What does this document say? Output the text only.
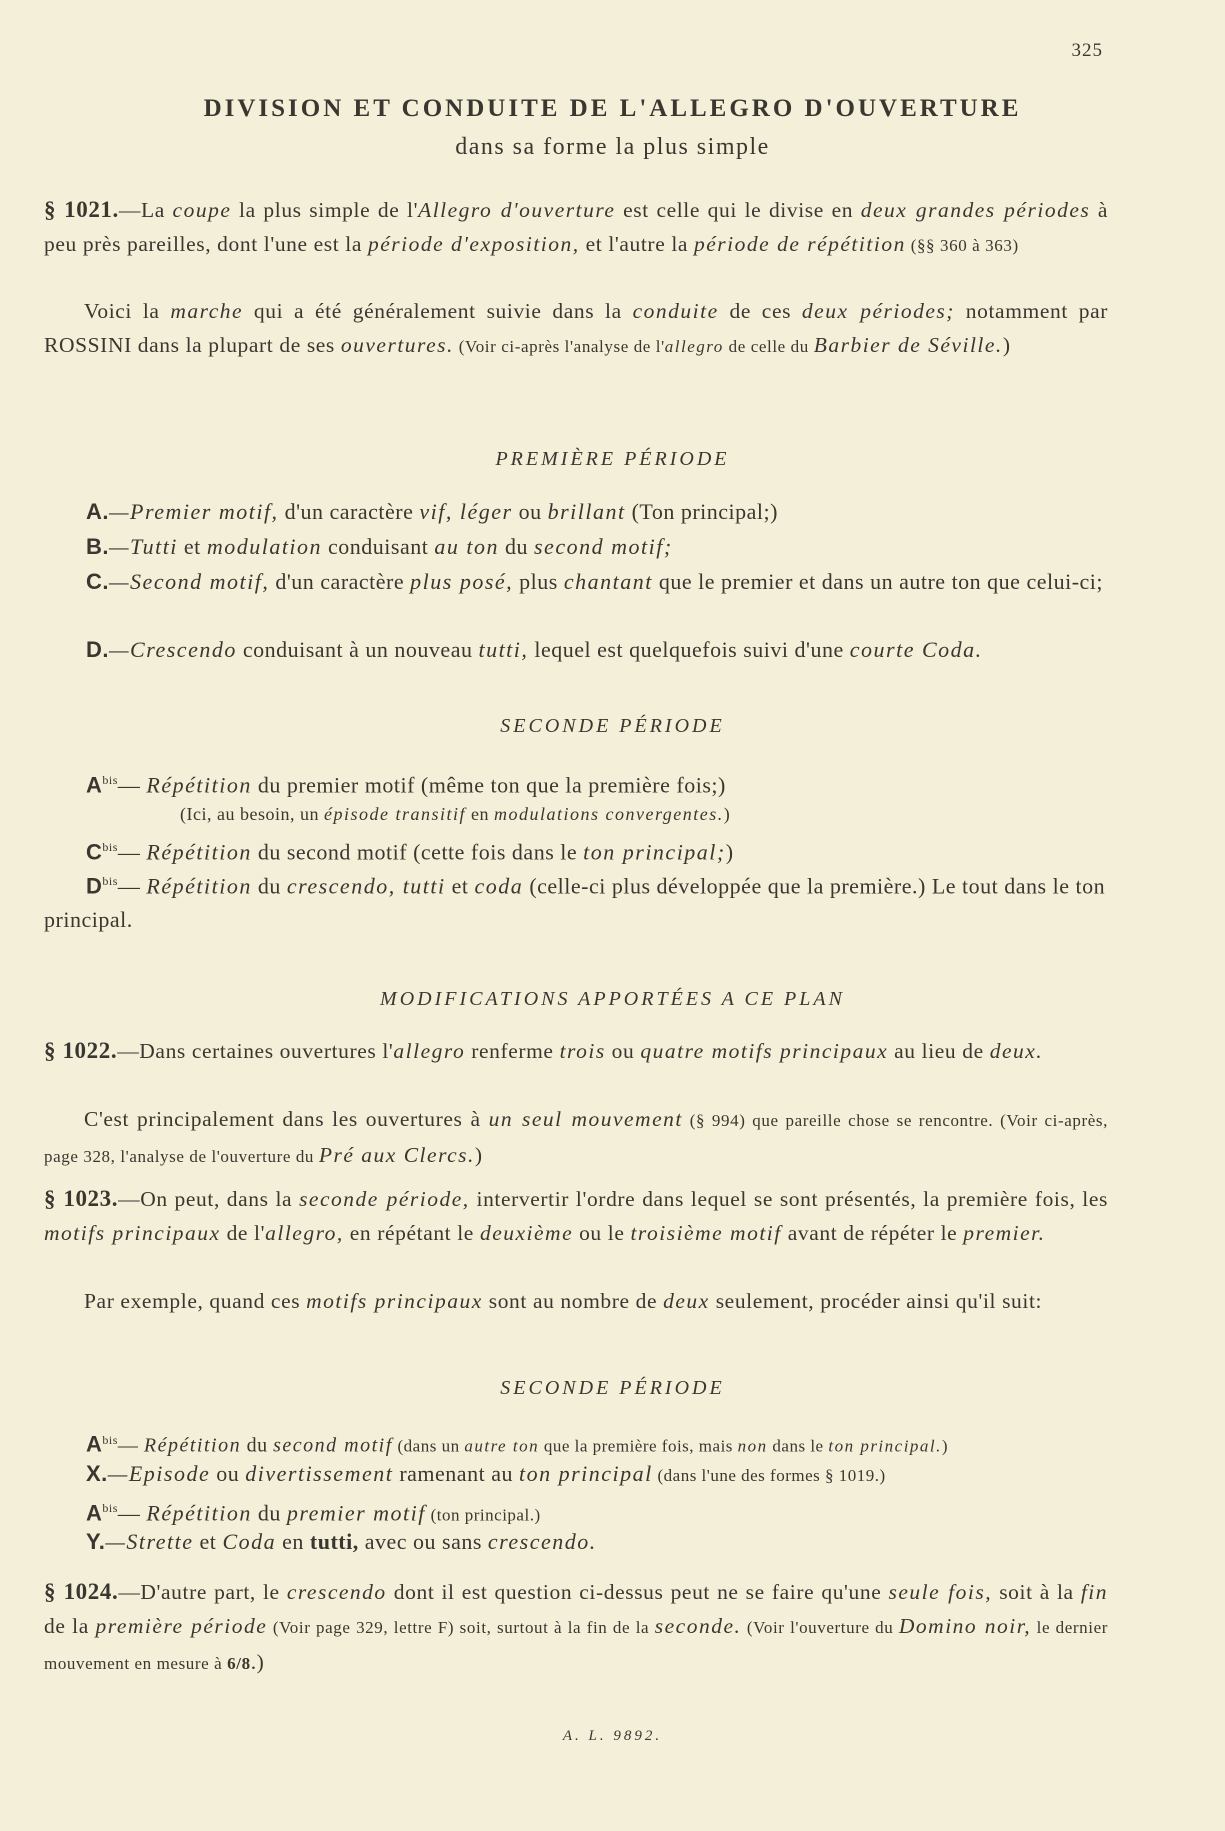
325
DIVISION ET CONDUITE DE L'ALLEGRO D'OUVERTURE
dans sa forme la plus simple
§ 1021.—La coupe la plus simple de l'Allegro d'ouverture est celle qui le divise en deux grandes périodes à peu près pareilles, dont l'une est la période d'exposition, et l'autre la période de répétition (§§ 360 à 363)
Voici la marche qui a été généralement suivie dans la conduite de ces deux périodes; notamment par ROSSINI dans la plupart de ses ouvertures. (Voir ci-après l'analyse de l'allegro de celle du Barbier de Séville.)
PREMIÈRE PÉRIODE
A.—Premier motif, d'un caractère vif, léger ou brillant (Ton principal;)
B.—Tutti et modulation conduisant au ton du second motif;
C.—Second motif, d'un caractère plus posé, plus chantant que le premier et dans un autre ton que celui-ci;
D.—Crescendo conduisant à un nouveau tutti, lequel est quelquefois suivi d'une courte Coda.
SECONDE PÉRIODE
$A^{bis}—$ Répétition du premier motif (même ton que la première fois;)
(Ici, au besoin, un épisode transitif en modulations convergentes.)
$C^{bis}—$ Répétition du second motif (cette fois dans le ton principal;)
$D^{bis}—$ Répétition du crescendo, tutti et coda (celle-ci plus développée que la première.) Le tout dans le ton principal.
MODIFICATIONS APPORTÉES A CE PLAN
§ 1022.—Dans certaines ouvertures l'allegro renferme trois ou quatre motifs principaux au lieu de deux.
C'est principalement dans les ouvertures à un seul mouvement (§ 994) que pareille chose se rencontre. (Voir ci-après, page 328, l'analyse de l'ouverture du Pré aux Clercs.)
§ 1023.—On peut, dans la seconde période, intervertir l'ordre dans lequel se sont présentés, la première fois, les motifs principaux de l'allegro, en répétant le deuxième ou le troisième motif avant de répéter le premier.
Par exemple, quand ces motifs principaux sont au nombre de deux seulement, procéder ainsi qu'il suit:
SECONDE PÉRIODE
$A^{bis}—$ Répétition du second motif (dans un autre ton que la première fois, mais non dans le ton principal.)
X.—Episode ou divertissement ramenant au ton principal (dans l'une des formes § 1019.)
$A^{bis}—$ Répétition du premier motif (ton principal.)
Y.—Strette et Coda en tutti, avec ou sans crescendo.
§ 1024.—D'autre part, le crescendo dont il est question ci-dessus peut ne se faire qu'une seule fois, soit à la fin de la première période (Voir page 329, lettre F) soit, surtout à la fin de la seconde. (Voir l'ouverture du Domino noir, le dernier mouvement en mesure à 6/8.)
A. L. 9892.
